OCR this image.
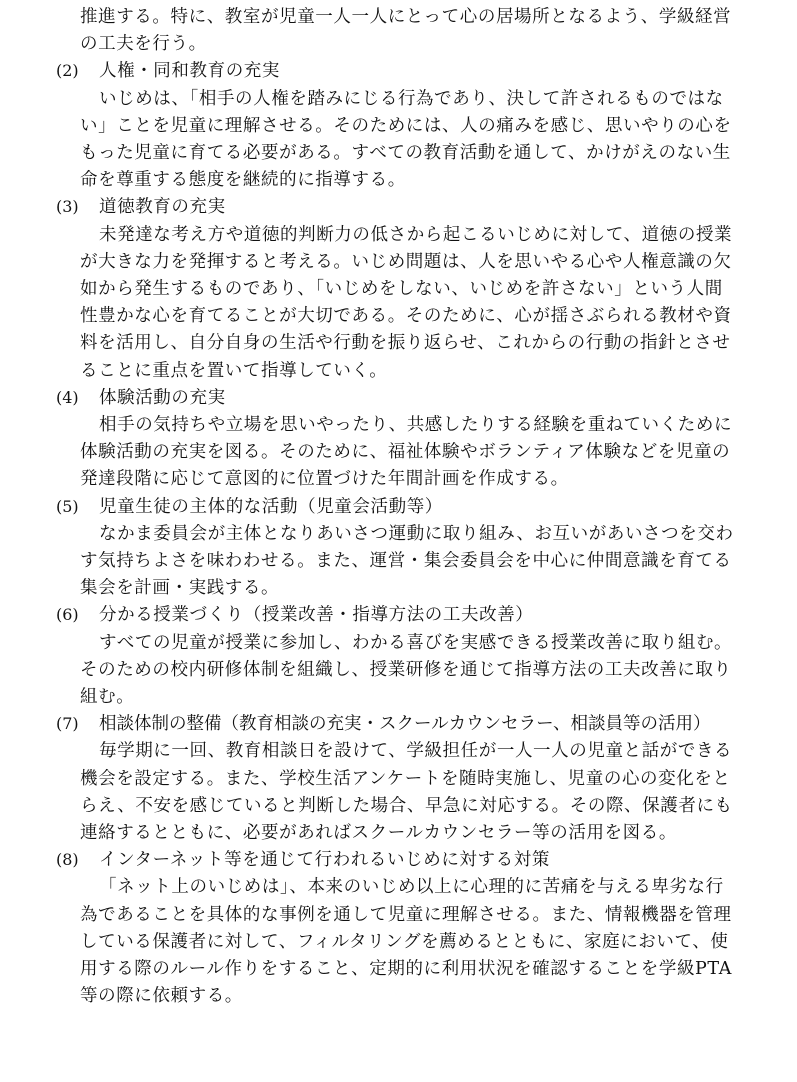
推進する。特に、教室が児童一人一人にとって心の居場所となるよう、学級経営
の工夫を行う。
(2) 人権・同和教育の充実
いじめは、「相手の人権を踏みにじる行為であり、決して許されるものではな
い」ことを児童に理解させる。そのためには、人の痛みを感じ、思いやりの心を
もった児童に育てる必要がある。すべての教育活動を通して、かけがえのない生
命を尊重する態度を継続的に指導する。
(3) 道徳教育の充実
未発達な考え方や道徳的判断力の低さから起こるいじめに対して、道徳の授業
が大きな力を発揮すると考える。いじめ問題は、人を思いやる心や人権意識の欠
如から発生するものであり、「いじめをしない、いじめを許さない」という人間
性豊かな心を育てることが大切である。そのために、心が揺さぶられる教材や資
料を活用し、自分自身の生活や行動を振り返らせ、これからの行動の指針とさせ
ることに重点を置いて指導していく。
(4) 体験活動の充実
相手の気持ちや立場を思いやったり、共感したりする経験を重ねていくために
体験活動の充実を図る。そのために、福祉体験やボランティア体験などを児童の
発達段階に応じて意図的に位置づけた年間計画を作成する。
(5) 児童生徒の主体的な活動（児童会活動等）
なかま委員会が主体となりあいさつ運動に取り組み、お互いがあいさつを交わ
す気持ちよさを味わわせる。また、運営・集会委員会を中心に仲間意識を育てる
集会を計画・実践する。
(6) 分かる授業づくり（授業改善・指導方法の工夫改善）
すべての児童が授業に参加し、わかる喜びを実感できる授業改善に取り組む。
そのための校内研修体制を組織し、授業研修を通じて指導方法の工夫改善に取り
組む。
(7) 相談体制の整備（教育相談の充実・スクールカウンセラー、相談員等の活用）
毎学期に一回、教育相談日を設けて、学級担任が一人一人の児童と話ができる
機会を設定する。また、学校生活アンケートを随時実施し、児童の心の変化をと
らえ、不安を感じていると判断した場合、早急に対応する。その際、保護者にも
連絡するとともに、必要があればスクールカウンセラー等の活用を図る。
(8) インターネット等を通じて行われるいじめに対する対策
「ネット上のいじめは」、本来のいじめ以上に心理的に苦痛を与える卑劣な行
為であることを具体的な事例を通して児童に理解させる。また、情報機器を管理
している保護者に対して、フィルタリングを薦めるとともに、家庭において、使
用する際のルール作りをすること、定期的に利用状況を確認することを学級PTA
等の際に依頼する。
